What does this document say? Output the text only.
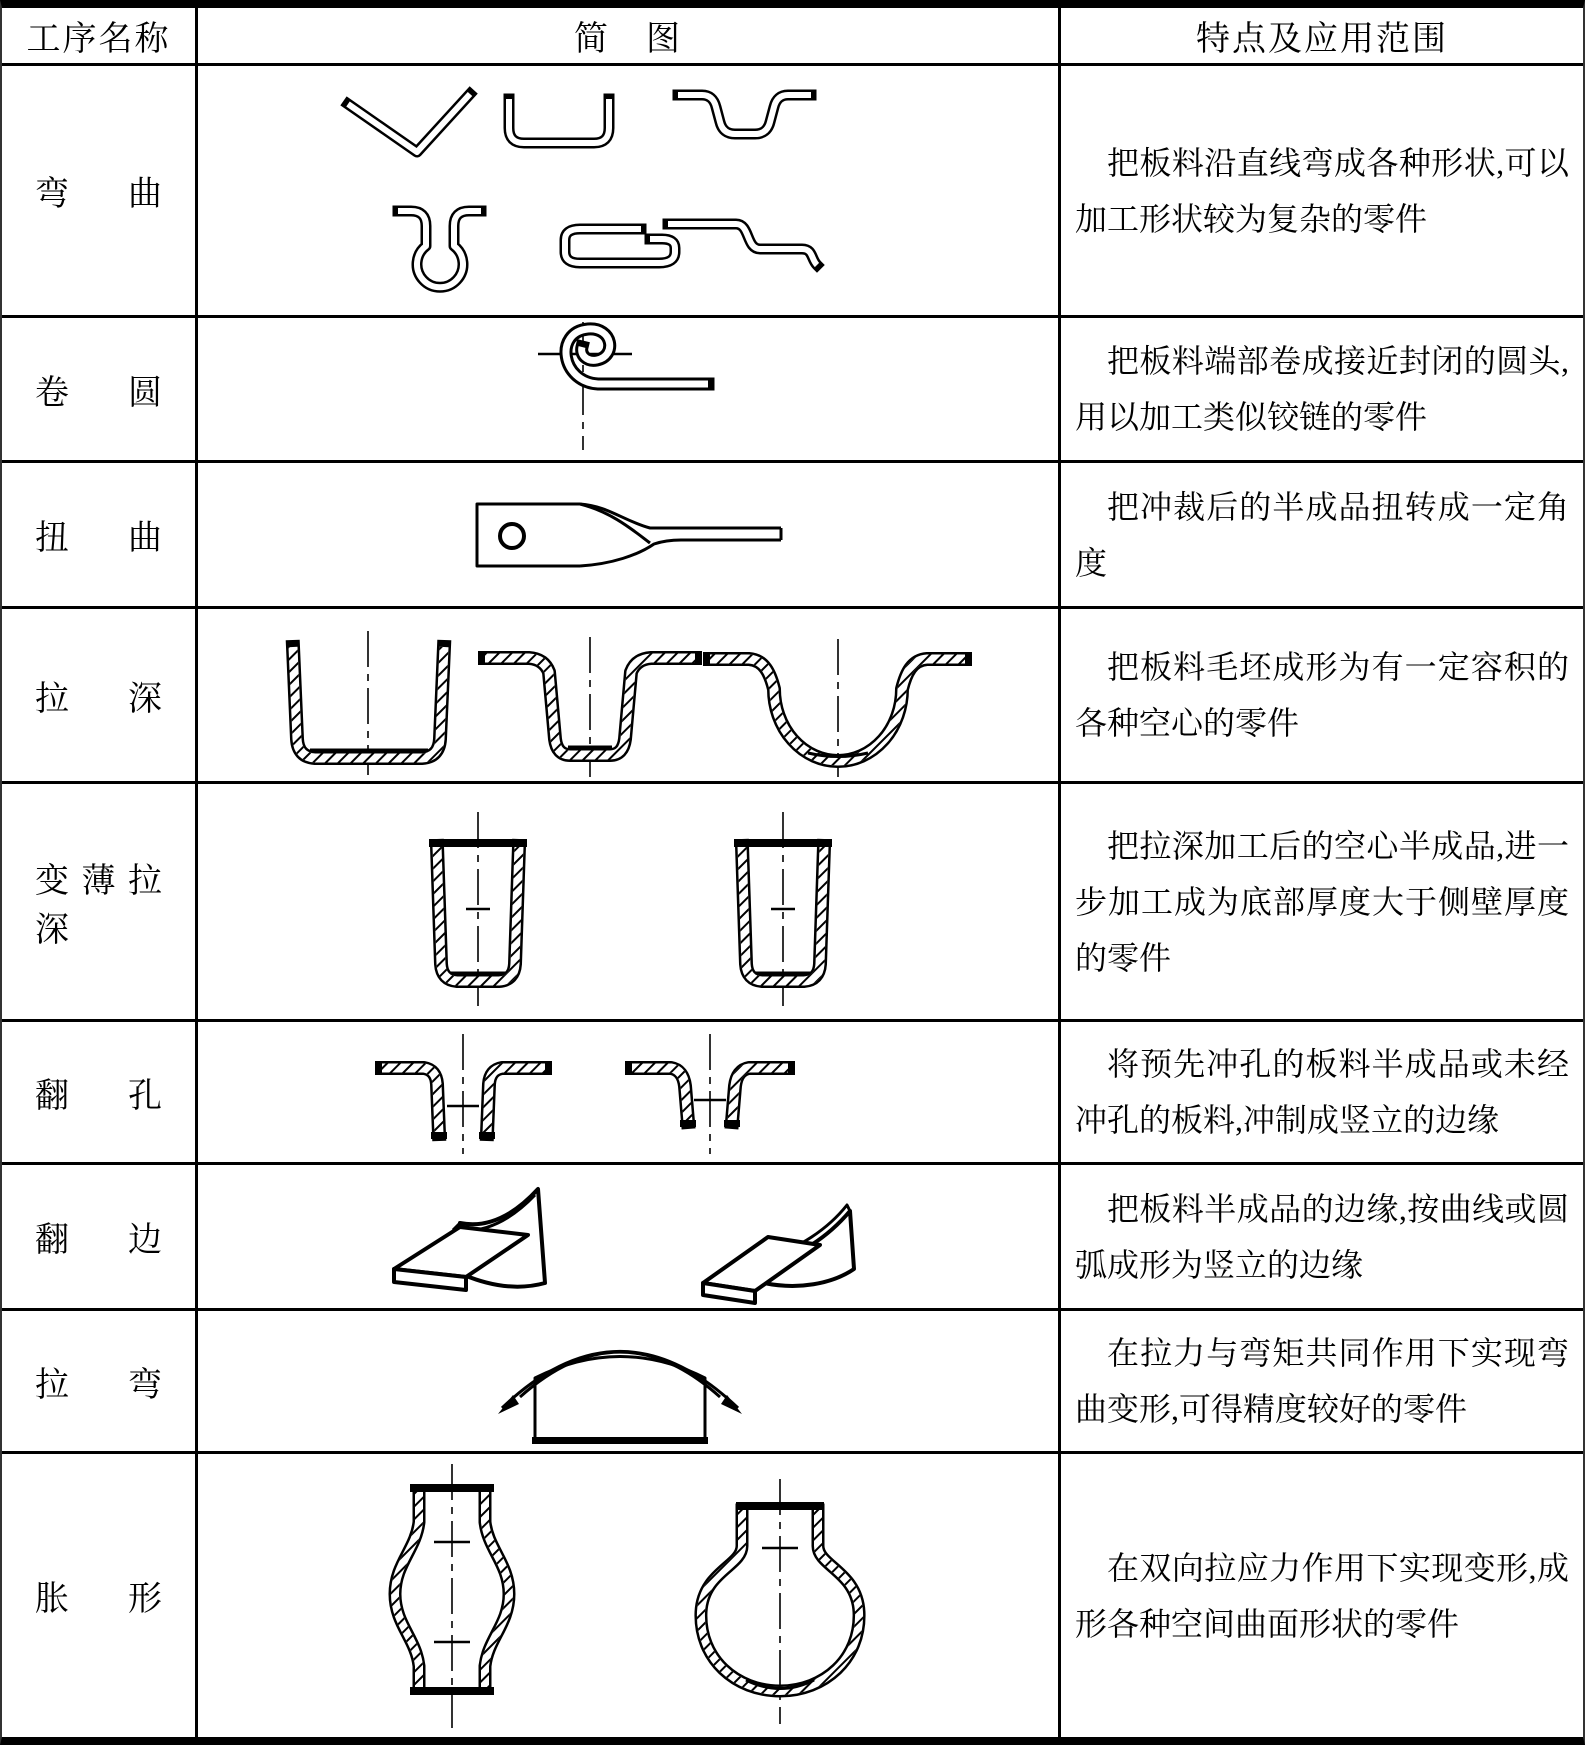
工序名称	简　图	特点及应用范围
弯曲

把板料沿直线弯成各种形状,可以加工形状较为复杂的零件

卷圆

把板料端部卷成接近封闭的圆头,用以加工类似铰链的零件

扭曲

把冲裁后的半成品扭转成一定角度

拉深

把板料毛坯成形为有一定容积的各种空心的零件

变薄拉深

把拉深加工后的空心半成品,进一步加工成为底部厚度大于侧壁厚度的零件

翻孔

将预先冲孔的板料半成品或未经冲孔的板料,冲制成竖立的边缘

翻边

把板料半成品的边缘,按曲线或圆弧成形为竖立的边缘

拉弯

在拉力与弯矩共同作用下实现弯曲变形,可得精度较好的零件

胀形

在双向拉应力作用下实现变形,成形各种空间曲面形状的零件
